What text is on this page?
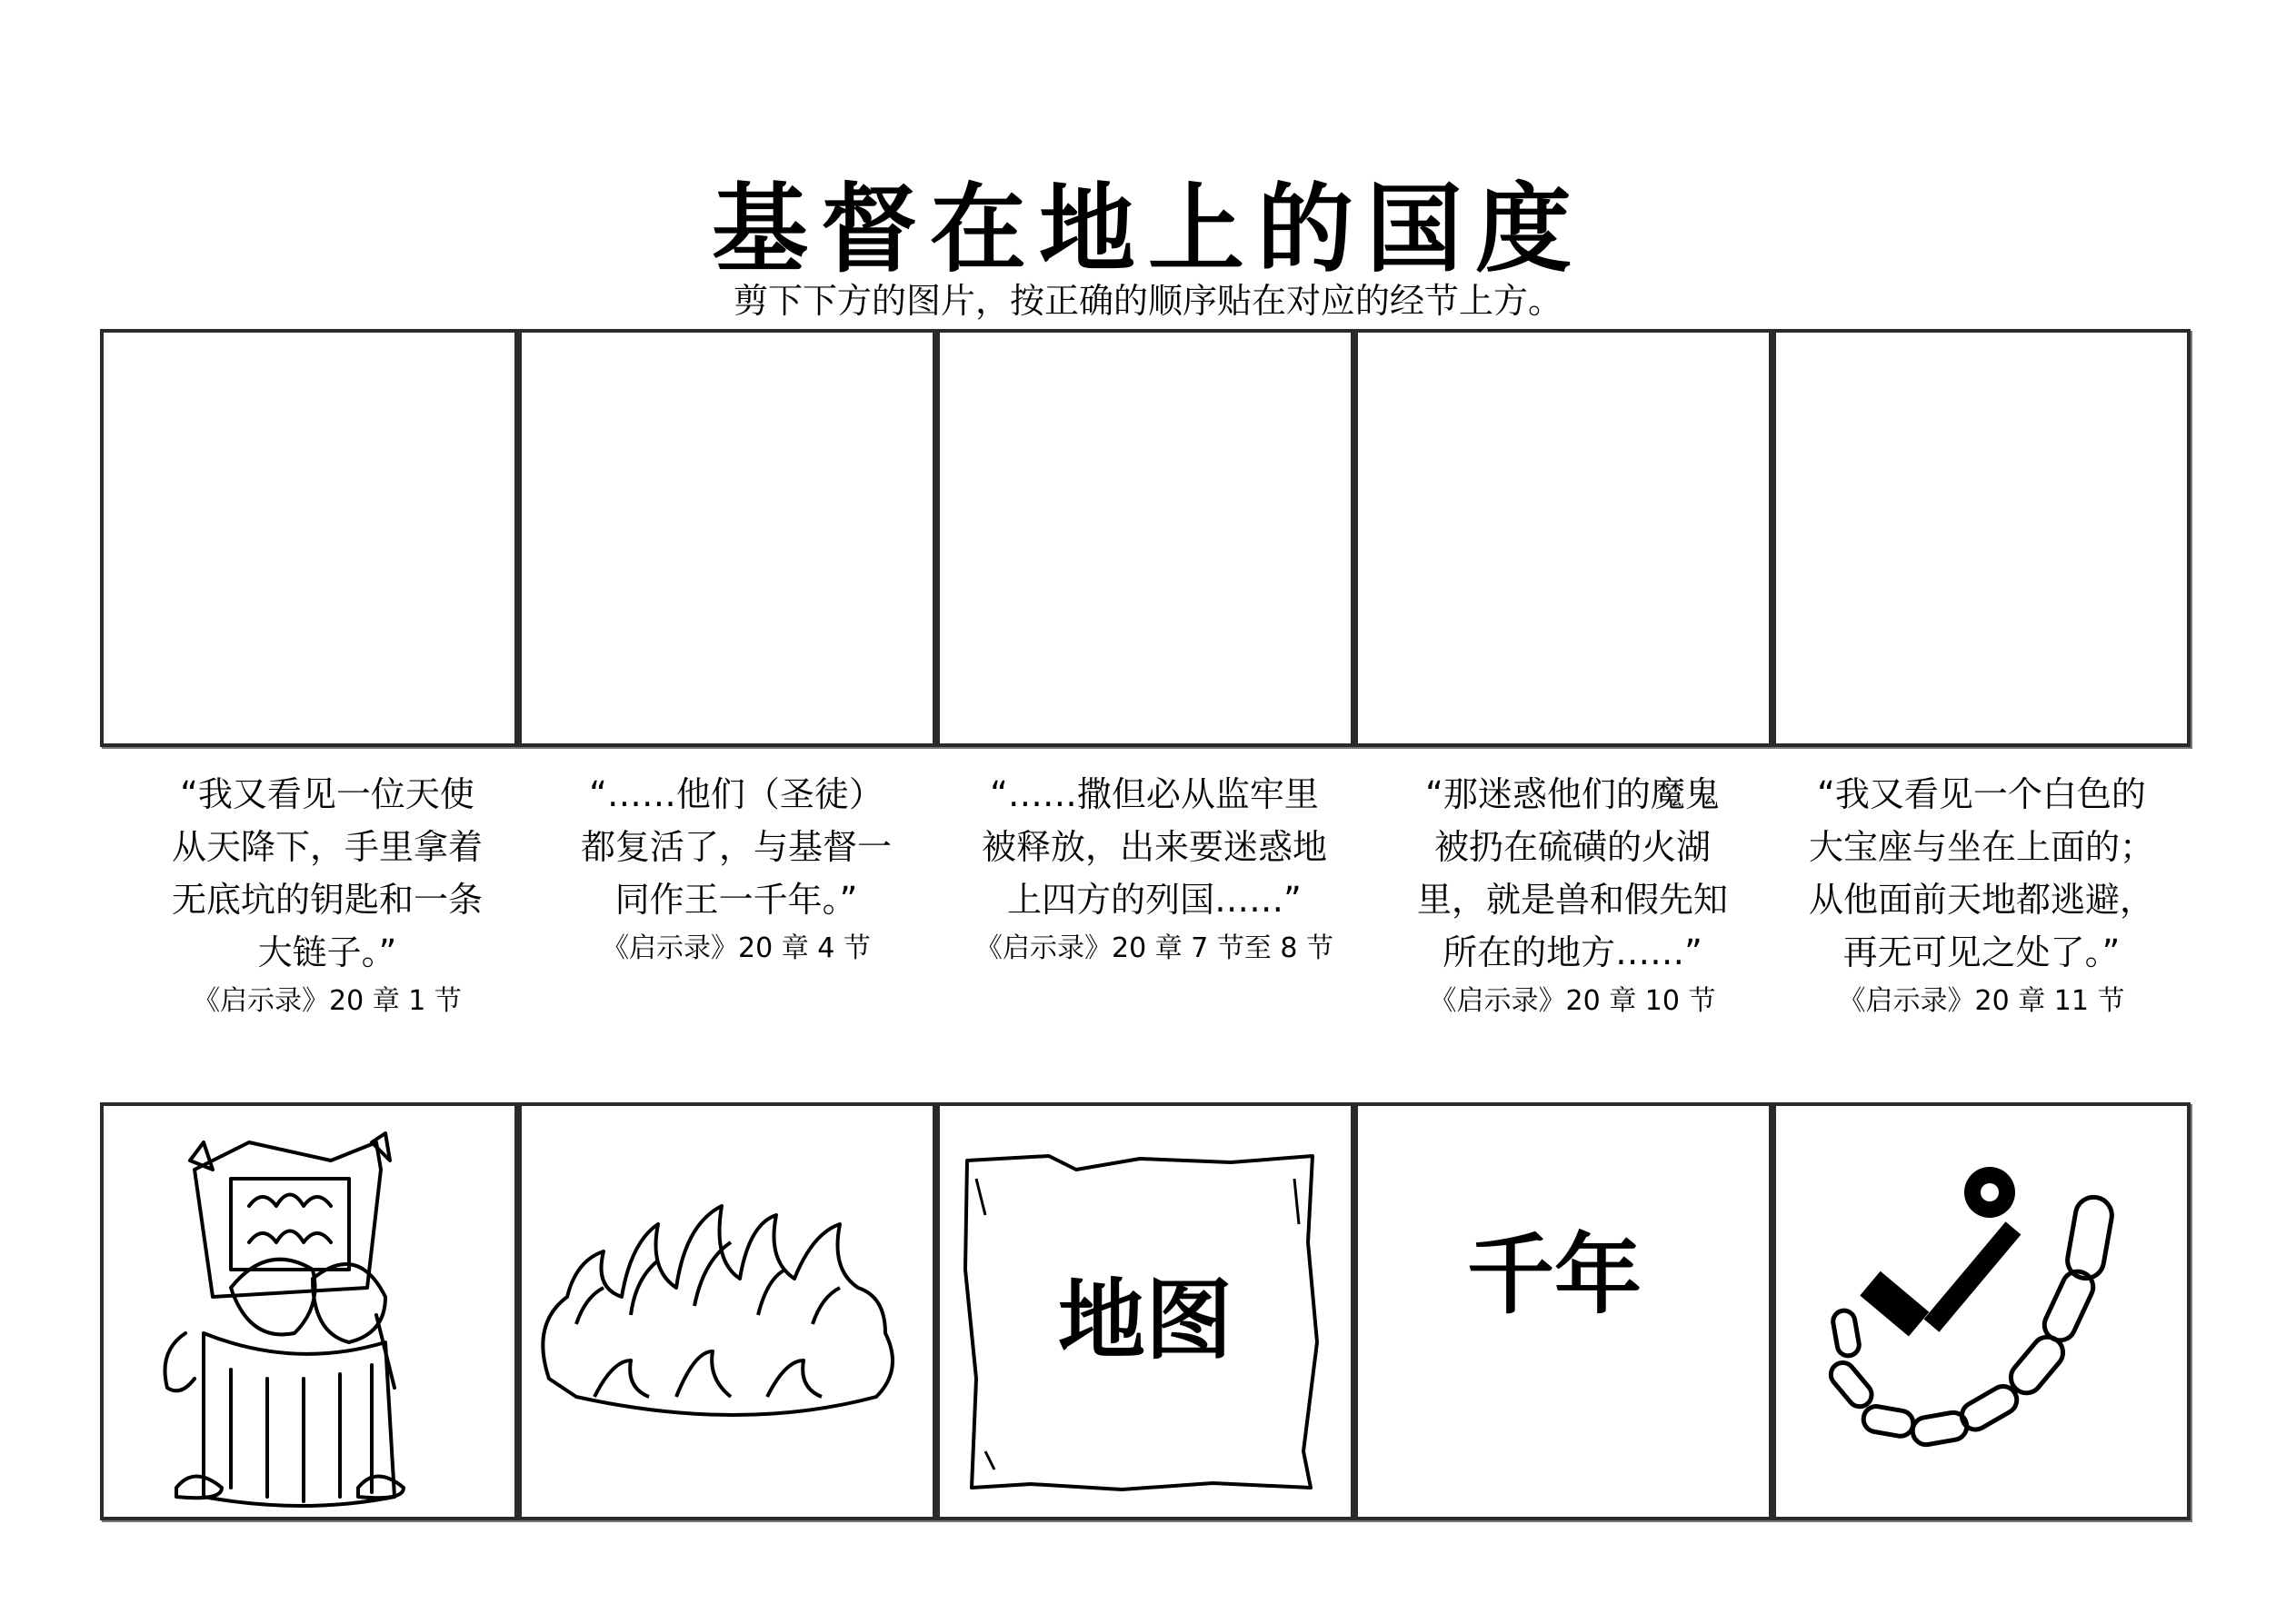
基督在地上的国度
剪下下方的图片，按正确的顺序贴在对应的经节上方。
“我又看见一位天使
从天降下，手里拿着
无底坑的钥匙和一条
大链子。”
《启示录》20 章 1 节
“……他们（圣徒）
都复活了，与基督一
同作王一千年。”
《启示录》20 章 4 节
“……撒但必从监牢里
被释放，出来要迷惑地
上四方的列国……”
《启示录》20 章 7 节至 8 节
“那迷惑他们的魔鬼
被扔在硫磺的火湖
里，就是兽和假先知
所在的地方……”
《启示录》20 章 10 节
“我又看见一个白色的
大宝座与坐在上面的；
从他面前天地都逃避，
再无可见之处了。”
《启示录》20 章 11 节
地图	千年
